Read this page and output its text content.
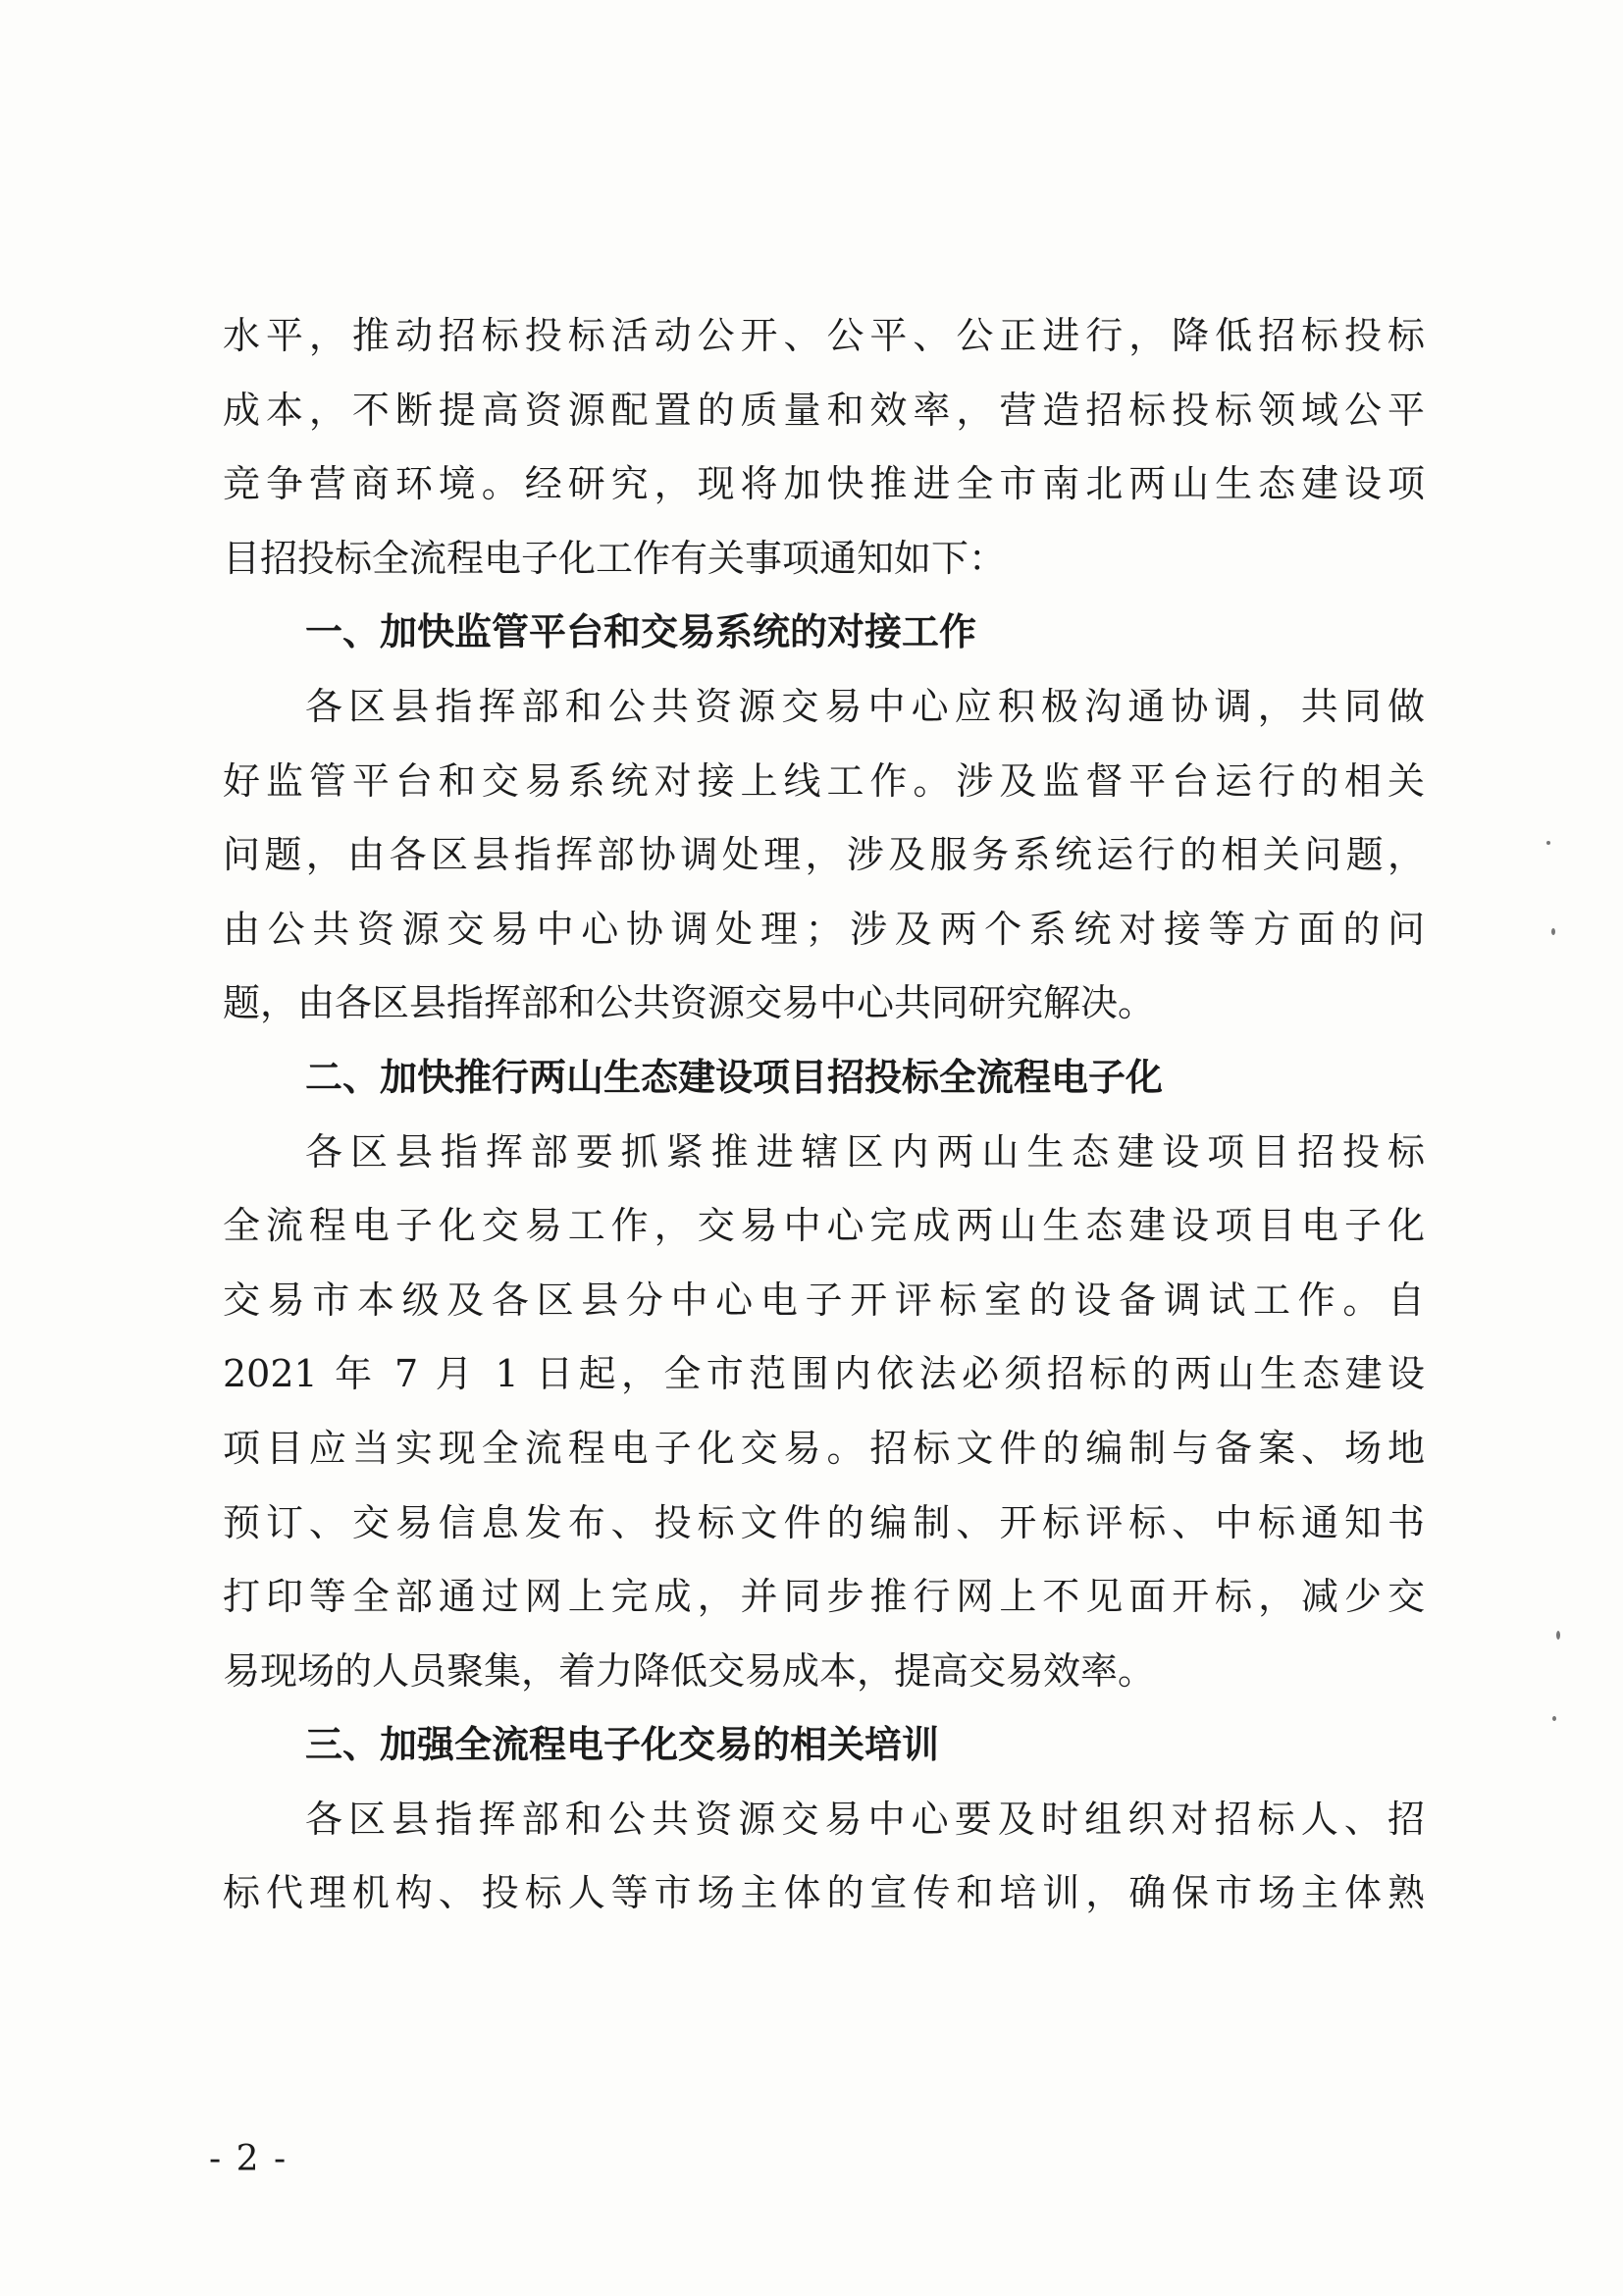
水平，推动招标投标活动公开、公平、公正进行，降低招标投标
成本，不断提高资源配置的质量和效率，营造招标投标领域公平
竞争营商环境。经研究，现将加快推进全市南北两山生态建设项
目招投标全流程电子化工作有关事项通知如下：
一、加快监管平台和交易系统的对接工作
各区县指挥部和公共资源交易中心应积极沟通协调，共同做
好监管平台和交易系统对接上线工作。涉及监督平台运行的相关
问题，由各区县指挥部协调处理，涉及服务系统运行的相关问题，
由公共资源交易中心协调处理；涉及两个系统对接等方面的问
题，由各区县指挥部和公共资源交易中心共同研究解决。
二、加快推行两山生态建设项目招投标全流程电子化
各区县指挥部要抓紧推进辖区内两山生态建设项目招投标
全流程电子化交易工作，交易中心完成两山生态建设项目电子化
交易市本级及各区县分中心电子开评标室的设备调试工作。自
2021 年 7 月 1 日起，全市范围内依法必须招标的两山生态建设
项目应当实现全流程电子化交易。招标文件的编制与备案、场地
预订、交易信息发布、投标文件的编制、开标评标、中标通知书
打印等全部通过网上完成，并同步推行网上不见面开标，减少交
易现场的人员聚集，着力降低交易成本，提高交易效率。
三、加强全流程电子化交易的相关培训
各区县指挥部和公共资源交易中心要及时组织对招标人、招
标代理机构、投标人等市场主体的宣传和培训，确保市场主体熟
- 2 -
